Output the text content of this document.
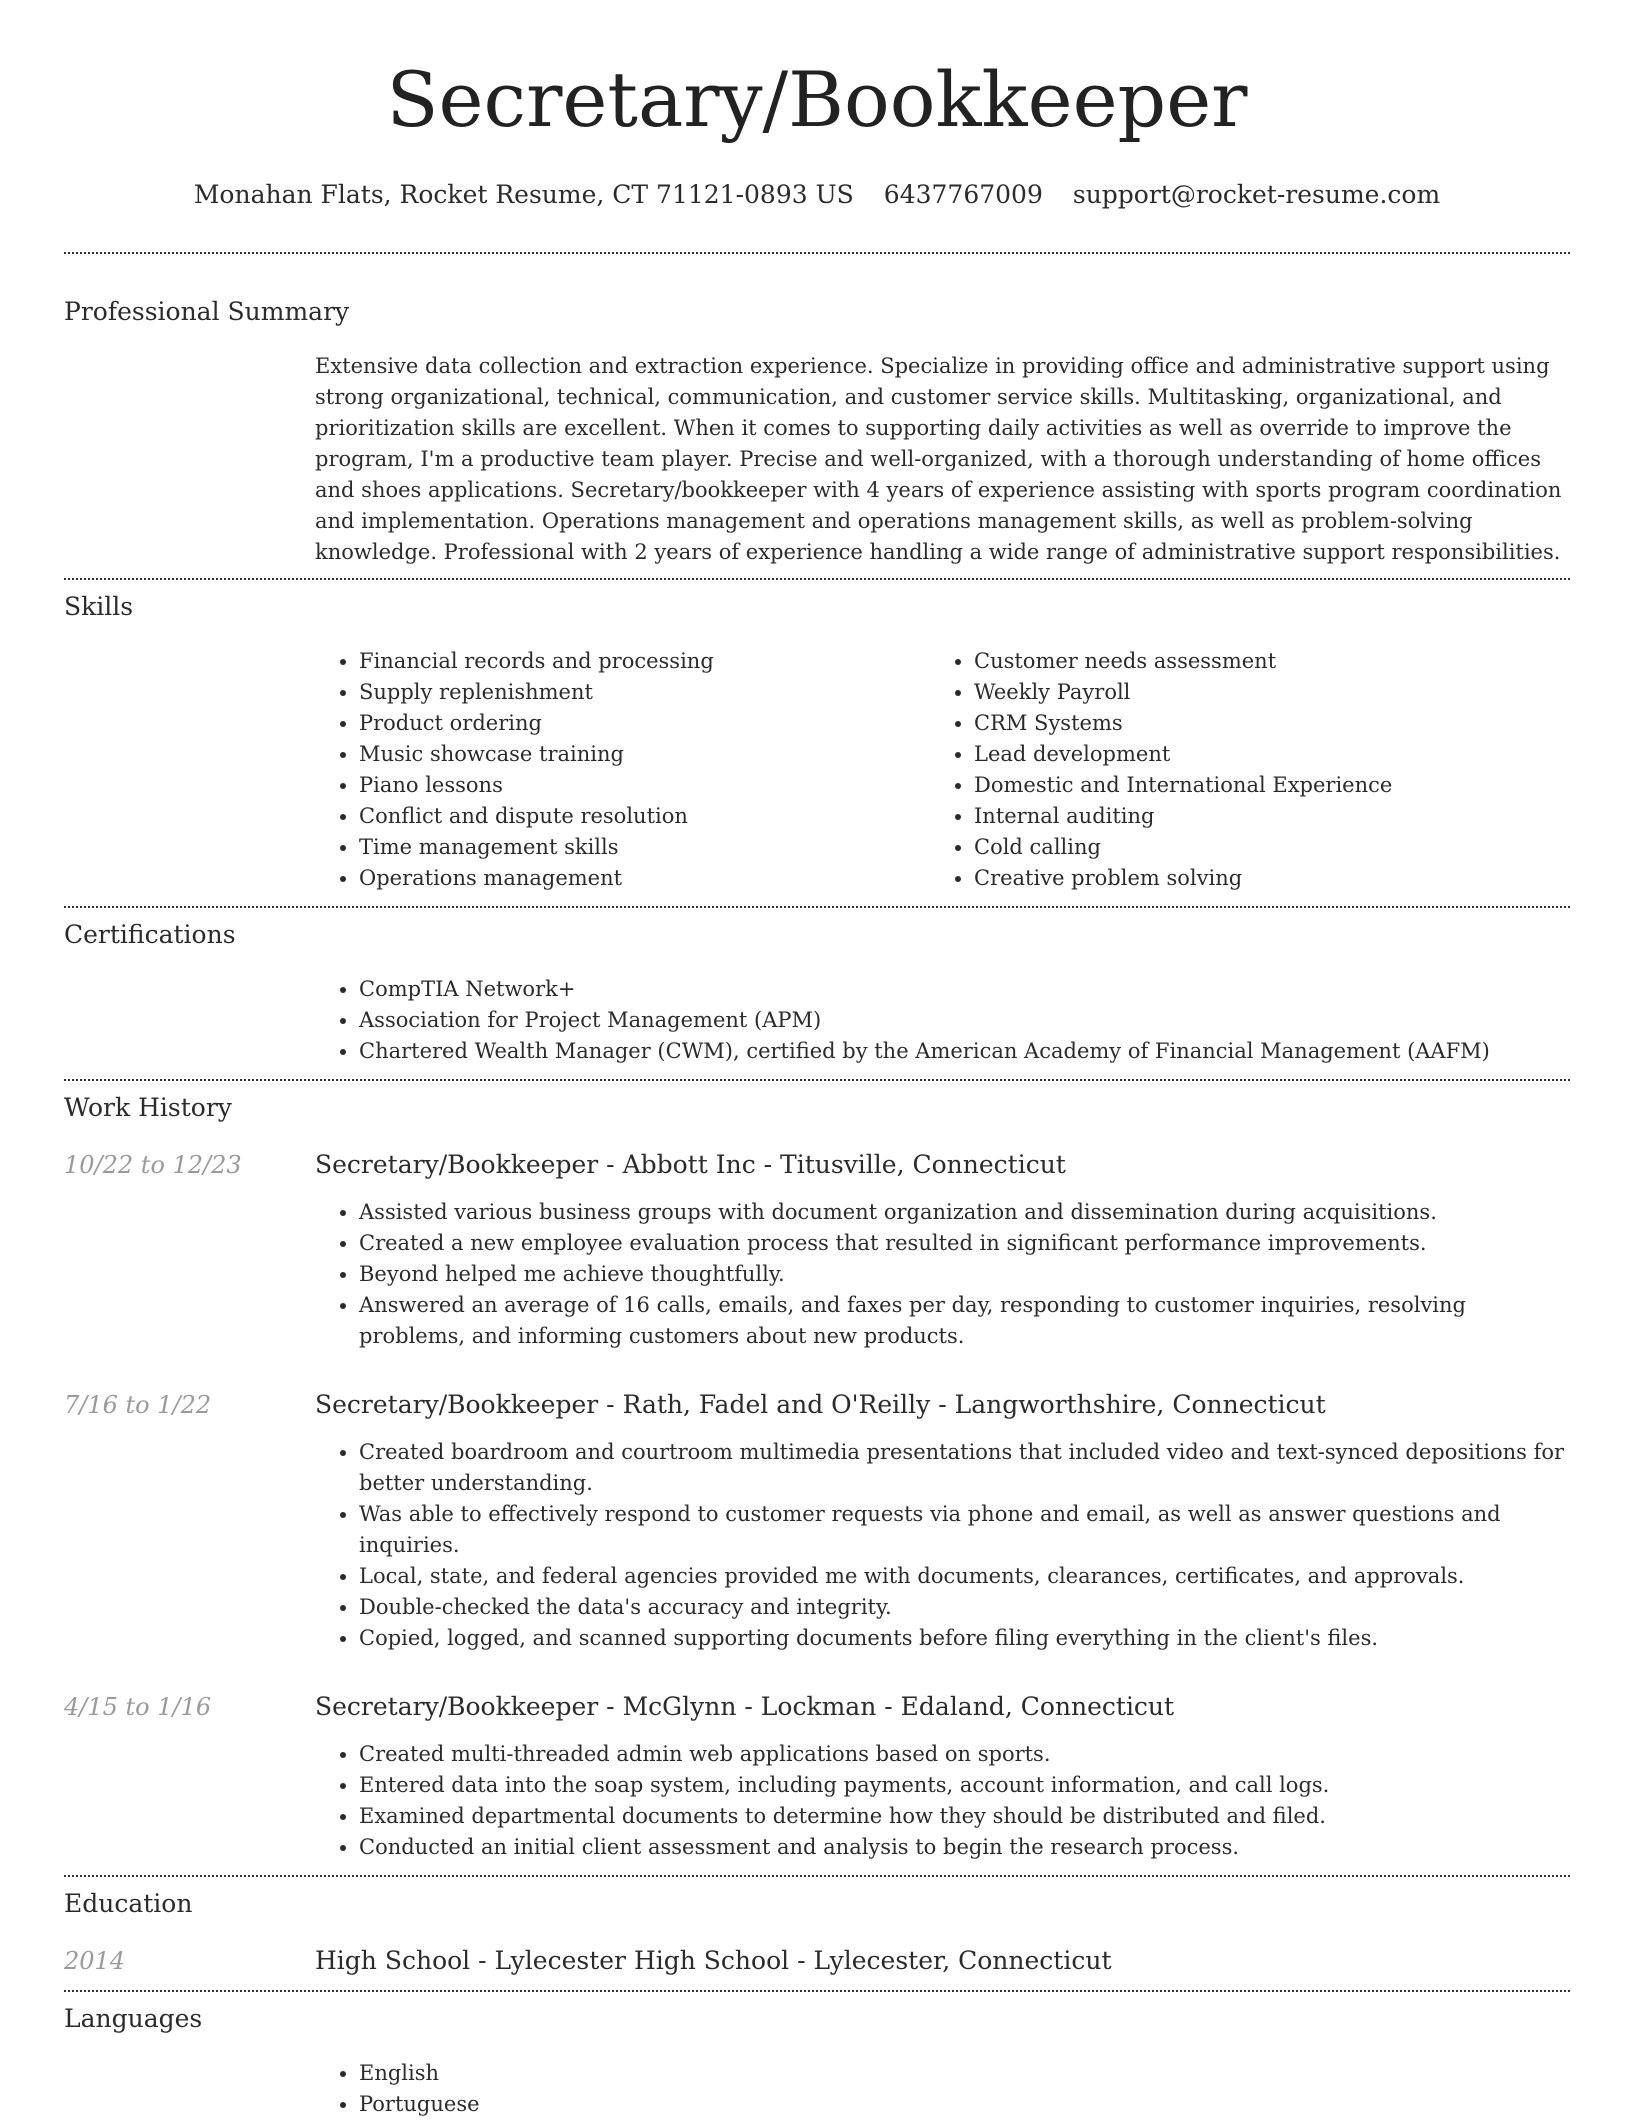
Secretary/Bookkeeper
Monahan Flats, Rocket Resume, CT 71121-0893 US 6437767009 support@rocket-resume.com
Professional Summary

Extensive data collection and extraction experience. Specialize in providing office and administrative support using strong organizational, technical, communication, and customer service skills. Multitasking, organizational, and prioritization skills are excellent. When it comes to supporting daily activities as well as override to improve the program, I'm a productive team player. Precise and well-organized, with a thorough understanding of home offices and shoes applications. Secretary/bookkeeper with 4 years of experience assisting with sports program coordination and implementation. Operations management and operations management skills, as well as problem-solving knowledge. Professional with 2 years of experience handling a wide range of administrative support responsibilities.

Skills
• Financial records and processing
• Supply replenishment
• Product ordering
• Music showcase training
• Piano lessons
• Conflict and dispute resolution
• Time management skills
• Operations management
• Customer needs assessment
• Weekly Payroll
• CRM Systems
• Lead development
• Domestic and International Experience
• Internal auditing
• Cold calling
• Creative problem solving
Certifications
• CompTIA Network+
• Association for Project Management (APM)
• Chartered Wealth Manager (CWM), certified by the American Academy of Financial Management (AAFM)
Work History
10/22 to 12/23	Secretary/Bookkeeper - Abbott Inc - Titusville, Connecticut
• Assisted various business groups with document organization and dissemination during acquisitions.
• Created a new employee evaluation process that resulted in significant performance improvements.
• Beyond helped me achieve thoughtfully.
• Answered an average of 16 calls, emails, and faxes per day, responding to customer inquiries, resolving problems, and informing customers about new products.
7/16 to 1/22	Secretary/Bookkeeper - Rath, Fadel and O'Reilly - Langworthshire, Connecticut
• Created boardroom and courtroom multimedia presentations that included video and text-synced depositions for better understanding.
• Was able to effectively respond to customer requests via phone and email, as well as answer questions and inquiries.
• Local, state, and federal agencies provided me with documents, clearances, certificates, and approvals.
• Double-checked the data's accuracy and integrity.
• Copied, logged, and scanned supporting documents before filing everything in the client's files.
4/15 to 1/16	Secretary/Bookkeeper - McGlynn - Lockman - Edaland, Connecticut
• Created multi-threaded admin web applications based on sports.
• Entered data into the soap system, including payments, account information, and call logs.
• Examined departmental documents to determine how they should be distributed and filed.
• Conducted an initial client assessment and analysis to begin the research process.
Education
2014	High School - Lylecester High School - Lylecester, Connecticut
Languages
• English
• Portuguese
